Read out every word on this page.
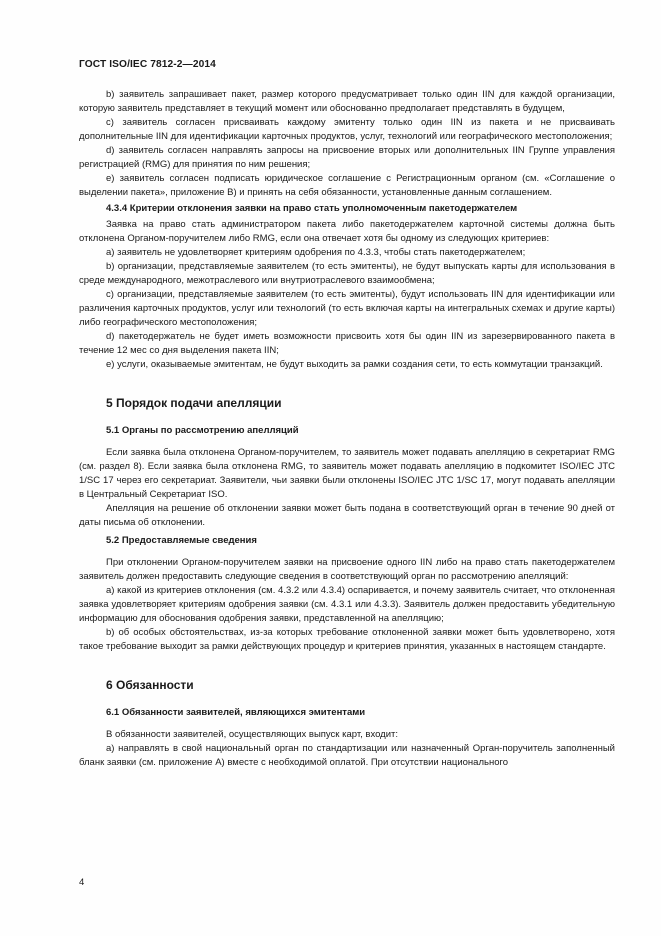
ГОСТ ISO/IEC 7812-2—2014

b) заявитель запрашивает пакет, размер которого предусматривает только один IIN для каждой организации, которую заявитель представляет в текущий момент или обоснованно предполагает представлять в будущем,

c) заявитель согласен присваивать каждому эмитенту только один IIN из пакета и не присваивать дополнительные IIN для идентификации карточных продуктов, услуг, технологий или географического местоположения;

d) заявитель согласен направлять запросы на присвоение вторых или дополнительных IIN Группе управления регистрацией (RMG) для принятия по ним решения;

e) заявитель согласен подписать юридическое соглашение с Регистрационным органом (см. «Соглашение о выделении пакета», приложение В) и принять на себя обязанности, установленные данным соглашением.

4.3.4 Критерии отклонения заявки на право стать уполномоченным пакетодержателем

Заявка на право стать администратором пакета либо пакетодержателем карточной системы должна быть отклонена Органом-поручителем либо RMG, если она отвечает хотя бы одному из следующих критериев:

a) заявитель не удовлетворяет критериям одобрения по 4.3.3, чтобы стать пакетодержателем;

b) организации, представляемые заявителем (то есть эмитенты), не будут выпускать карты для использования в среде международного, межотраслевого или внутриотраслевого взаимообмена;

c) организации, представляемые заявителем (то есть эмитенты), будут использовать IIN для идентификации или различения карточных продуктов, услуг или технологий (то есть включая карты на интегральных схемах и другие карты) либо географического местоположения;

d) пакетодержатель не будет иметь возможности присвоить хотя бы один IIN из зарезервированного пакета в течение 12 мес со дня выделения пакета IIN;

e) услуги, оказываемые эмитентам, не будут выходить за рамки создания сети, то есть коммутации транзакций.

5 Порядок подачи апелляции
5.1 Органы по рассмотрению апелляций

Если заявка была отклонена Органом-поручителем, то заявитель может подавать апелляцию в секретариат RMG (см. раздел 8). Если заявка была отклонена RMG, то заявитель может подавать апелляцию в подкомитет ISO/IEC JTC 1/SC 17 через его секретариат. Заявители, чьи заявки были отклонены ISO/IEC JTC 1/SC 17, могут подавать апелляции в Центральный Секретариат ISO.

Апелляция на решение об отклонении заявки может быть подана в соответствующий орган в течение 90 дней от даты письма об отклонении.

5.2 Предоставляемые сведения

При отклонении Органом-поручителем заявки на присвоение одного IIN либо на право стать пакетодержателем заявитель должен предоставить следующие сведения в соответствующий орган по рассмотрению апелляций:

a) какой из критериев отклонения (см. 4.3.2 или 4.3.4) оспаривается, и почему заявитель считает, что отклоненная заявка удовлетворяет критериям одобрения заявки (см. 4.3.1 или 4.3.3). Заявитель должен предоставить убедительную информацию для обоснования одобрения заявки, представленной на апелляцию;

b) об особых обстоятельствах, из-за которых требование отклоненной заявки может быть удовлетворено, хотя такое требование выходит за рамки действующих процедур и критериев принятия, указанных в настоящем стандарте.

6 Обязанности
6.1 Обязанности заявителей, являющихся эмитентами

В обязанности заявителей, осуществляющих выпуск карт, входит:

a) направлять в свой национальный орган по стандартизации или назначенный Орган-поручитель заполненный бланк заявки (см. приложение А) вместе с необходимой оплатой. При отсутствии национального

4
